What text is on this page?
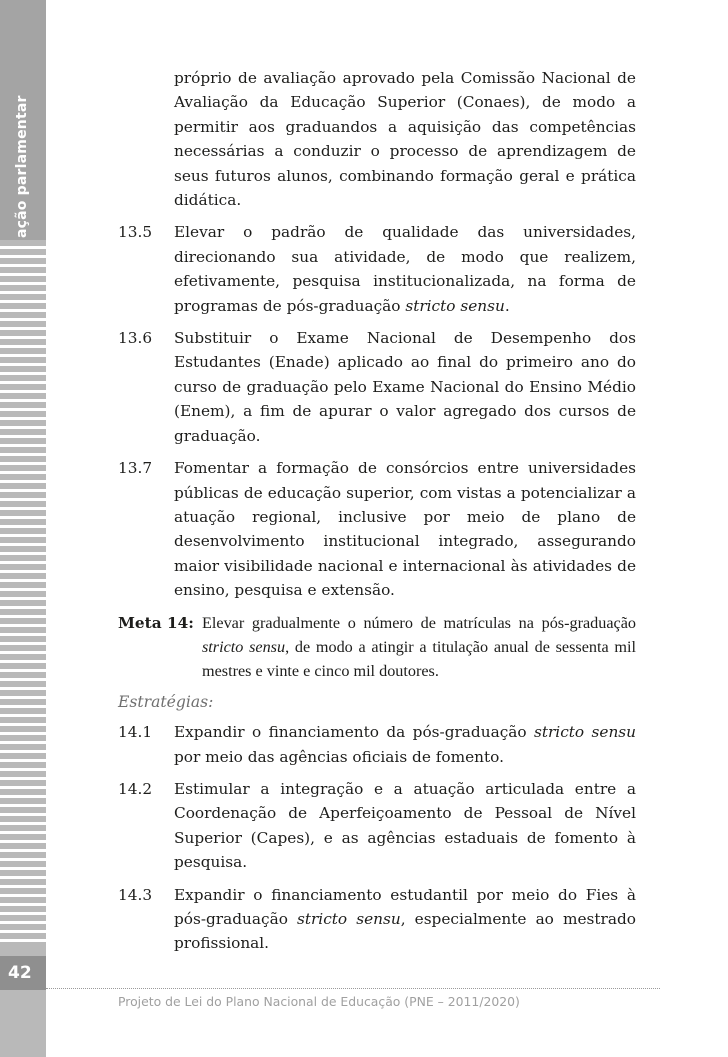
ação parlamentar
42

próprio de avaliação aprovado pela Comissão Nacional de Avaliação da Educação Superior (Conaes), de modo a permitir aos graduandos a aquisição das competências necessárias a conduzir o processo de aprendizagem de seus futuros alunos, combinando formação geral e prática didática.

13.5	Elevar o padrão de qualidade das universidades, direcionando sua atividade, de modo que realizem, efetivamente, pesquisa institucionalizada, na forma de programas de pós-graduação stricto sensu.
13.6	Substituir o Exame Nacional de Desempenho dos Estudantes (Enade) aplicado ao final do primeiro ano do curso de graduação pelo Exame Nacional do Ensino Médio (Enem), a fim de apurar o valor agregado dos cursos de graduação.
13.7	Fomentar a formação de consórcios entre universidades públicas de educação superior, com vistas a potencializar a atuação regional, inclusive por meio de plano de desenvolvimento institucional integrado, assegurando maior visibilidade nacional e internacional às atividades de ensino, pesquisa e extensão.
Meta 14: Elevar gradualmente o número de matrículas na pós-graduação stricto sensu, de modo a atingir a titulação anual de sessenta mil mestres e vinte e cinco mil doutores.
Estratégias:
14.1	Expandir o financiamento da pós-graduação stricto sensu por meio das agências oficiais de fomento.
14.2	Estimular a integração e a atuação articulada entre a Coordenação de Aperfeiçoamento de Pessoal de Nível Superior (Capes), e as agências estaduais de fomento à pesquisa.
14.3	Expandir o financiamento estudantil por meio do Fies à pós-graduação stricto sensu, especialmente ao mestrado profissional.
Projeto de Lei do Plano Nacional de Educação (PNE – 2011/2020)
